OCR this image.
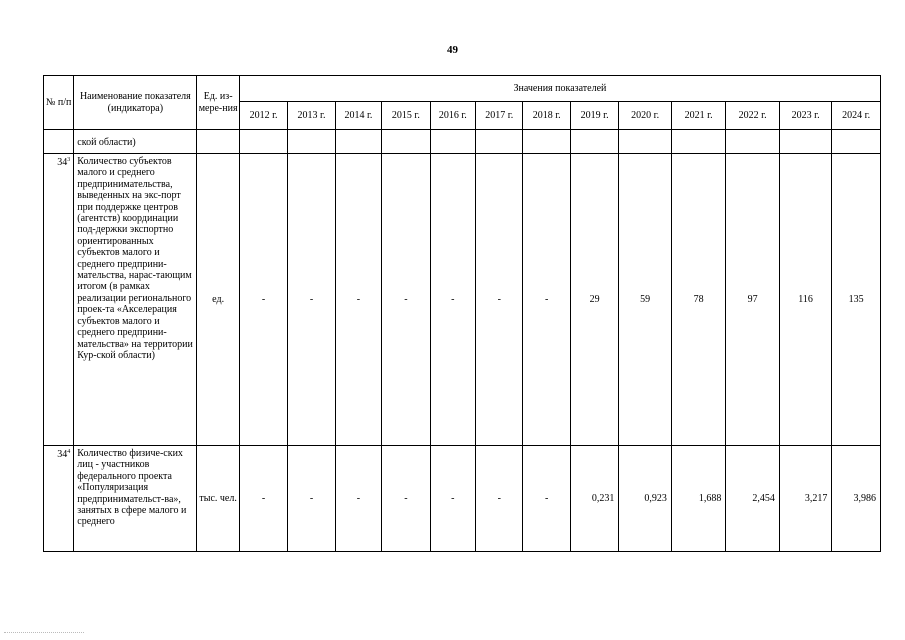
49
№ п/п	Наименование показателя (индикатора)	Ед. из-мере-ния	Значения показателей												
			2012 г.	2013 г.	2014 г.	2015 г.	2016 г.	2017 г.	2018 г.	2019 г.	2020 г.	2021 г.	2022 г.	2023 г.	2024 г.
	ской области)														
$34^3$	Количество субъектов малого и среднего предпринимательства, выведенных на экс-порт при поддержке центров (агентств) координации под-держки экспортно ориентированных субъектов малого и среднего предприни-мательства, нарас-тающим итогом (в рамках реализации регионального проек-та «Акселерация субъектов малого и среднего предприни-мательства» на территории Кур-ской области)	ед.	-	-	-	-	-	-	-	29	59	78	97	116	135
$34^4$	Количество физиче-ских лиц - участников федерального проекта «Популяризация предпринимательст-ва», занятых в сфере малого и среднего	тыс. чел.	-	-	-	-	-	-	-	0,231	0,923	1,688	2,454	3,217	3,986
